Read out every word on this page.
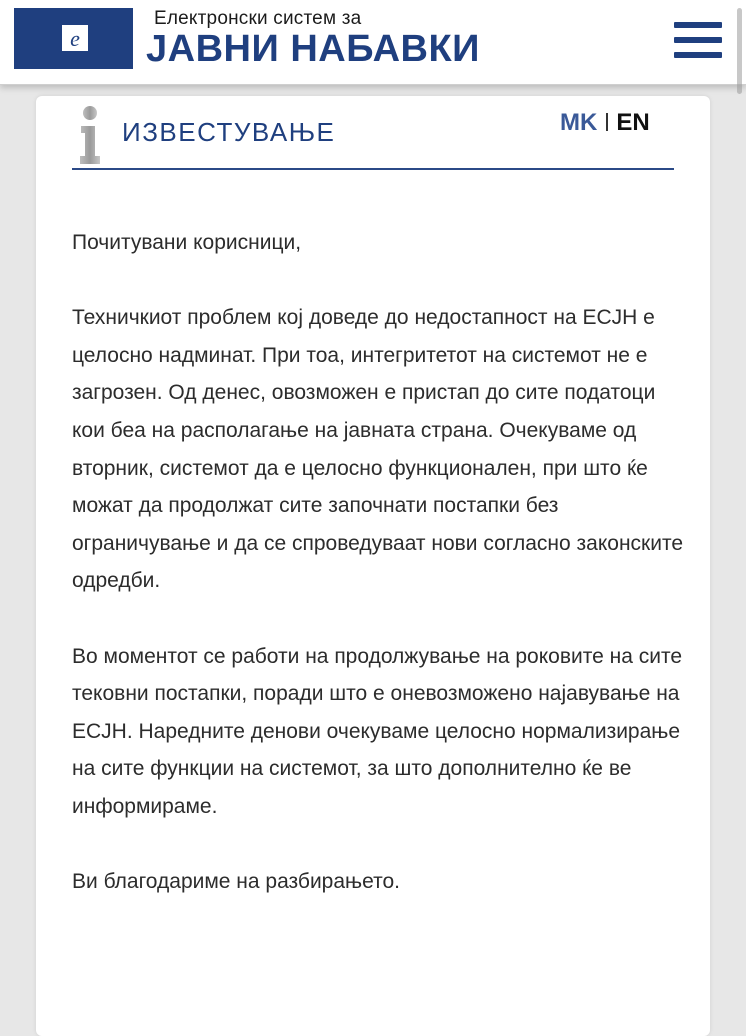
e
Електронски систем за
ЈАВНИ НАБАВКИ
ИЗВЕСТУВАЊЕ	MK EN

Почитувани корисници,

Техничкиот проблем кој доведе до недостапност на ЕСЈН е целосно надминат. При тоа, интегритетот на системот не е загрозен. Од денес, овозможен е пристап до сите податоци кои беа на располагање на јавната страна. Очекуваме од вторник, системот да е целосно функционален, при што ќе можат да продолжат сите започнати постапки без ограничување и да се спроведуваат нови согласно законските одредби.

Во моментот се работи на продолжување на роковите на сите тековни постапки, поради што е оневозможено најавување на ЕСЈН. Наредните денови очекуваме целосно нормализирање на сите функции на системот, за што дополнително ќе ве информираме.

Ви благодариме на разбирањето.
